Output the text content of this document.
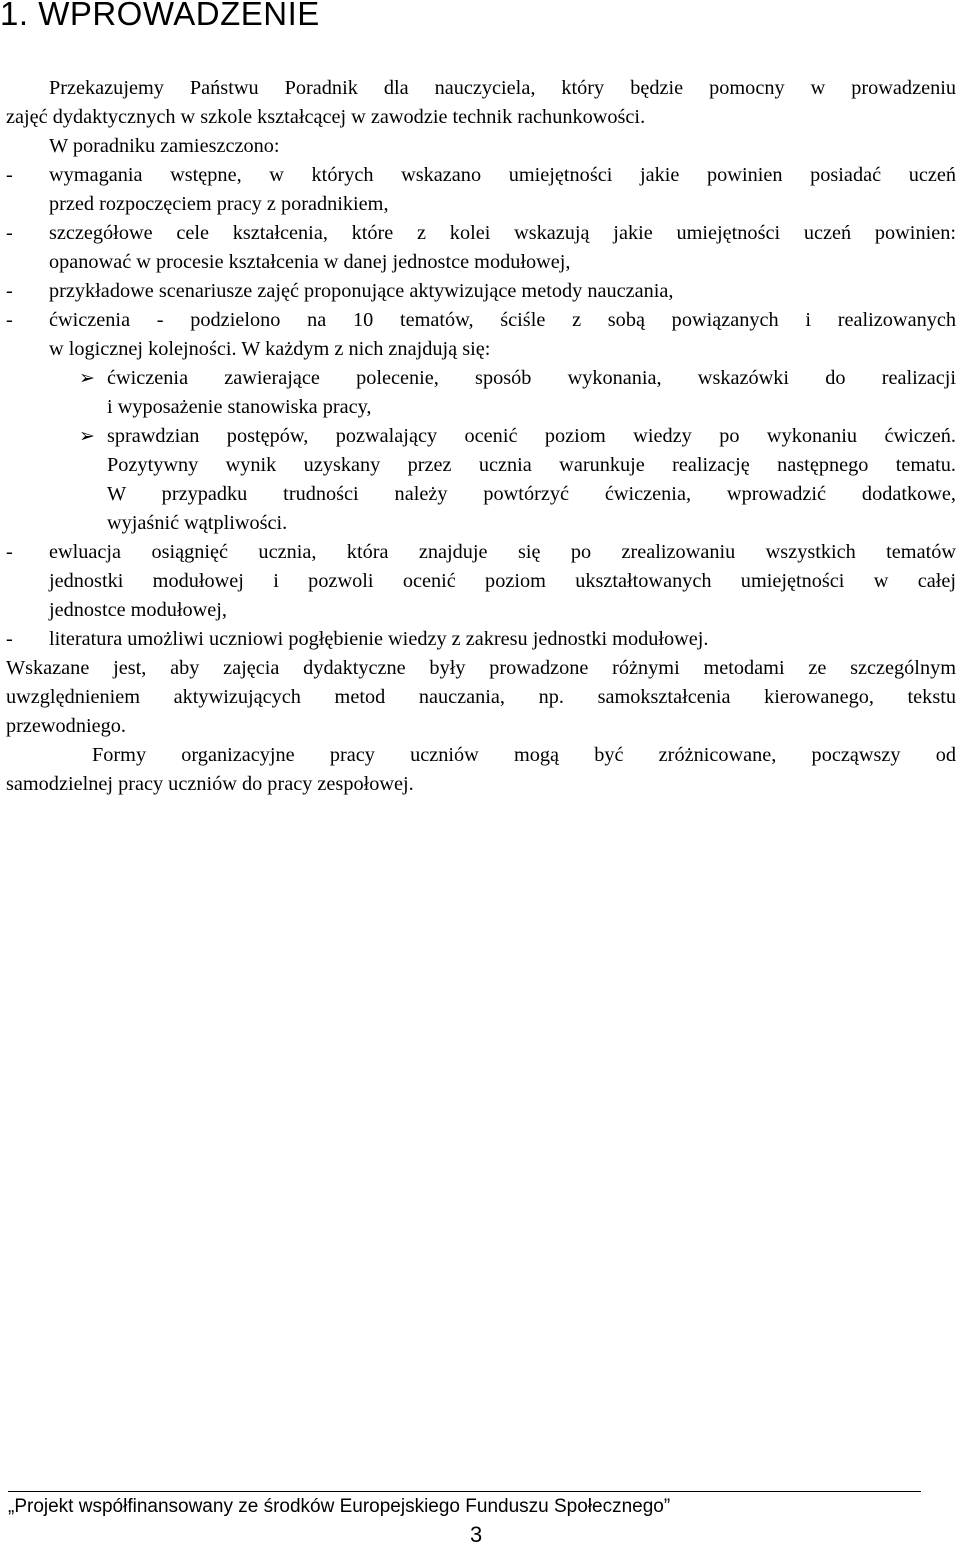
1. WPROWADZENIE
Przekazujemy Państwu Poradnik dla nauczyciela, który będzie pomocny w prowadzeniu
zajęć dydaktycznych w szkole kształcącej w zawodzie technik rachunkowości.
W poradniku zamieszczono:
-	wymagania wstępne, w których wskazano umiejętności jakie powinien posiadać uczeń
przed rozpoczęciem pracy z poradnikiem,
-	szczegółowe cele kształcenia, które z kolei wskazują jakie umiejętności uczeń powinien:
opanować w procesie kształcenia w danej jednostce modułowej,
-	przykładowe scenariusze zajęć proponujące aktywizujące metody nauczania,
-	ćwiczenia - podzielono na 10 tematów, ściśle z sobą powiązanych i realizowanych
w logicznej kolejności. W każdym z nich znajdują się:
➢ ćwiczenia zawierające polecenie, sposób wykonania, wskazówki do realizacji
i wyposażenie stanowiska pracy,
➢ sprawdzian postępów, pozwalający ocenić poziom wiedzy po wykonaniu ćwiczeń.
Pozytywny wynik uzyskany przez ucznia warunkuje realizację następnego tematu.
W przypadku trudności należy powtórzyć ćwiczenia, wprowadzić dodatkowe,
wyjaśnić wątpliwości.
-	ewluacja osiągnięć ucznia, która znajduje się po zrealizowaniu wszystkich tematów
jednostki modułowej i pozwoli ocenić poziom ukształtowanych umiejętności w całej
jednostce modułowej,
-	literatura umożliwi uczniowi pogłębienie wiedzy z zakresu jednostki modułowej.
Wskazane jest, aby zajęcia dydaktyczne były prowadzone różnymi metodami ze szczególnym
uwzględnieniem aktywizujących metod nauczania, np. samokształcenia kierowanego, tekstu
przewodniego.
Formy organizacyjne pracy uczniów mogą być zróżnicowane, począwszy od
samodzielnej pracy uczniów do pracy zespołowej.
„Projekt współfinansowany ze środków Europejskiego Funduszu Społecznego”
3
